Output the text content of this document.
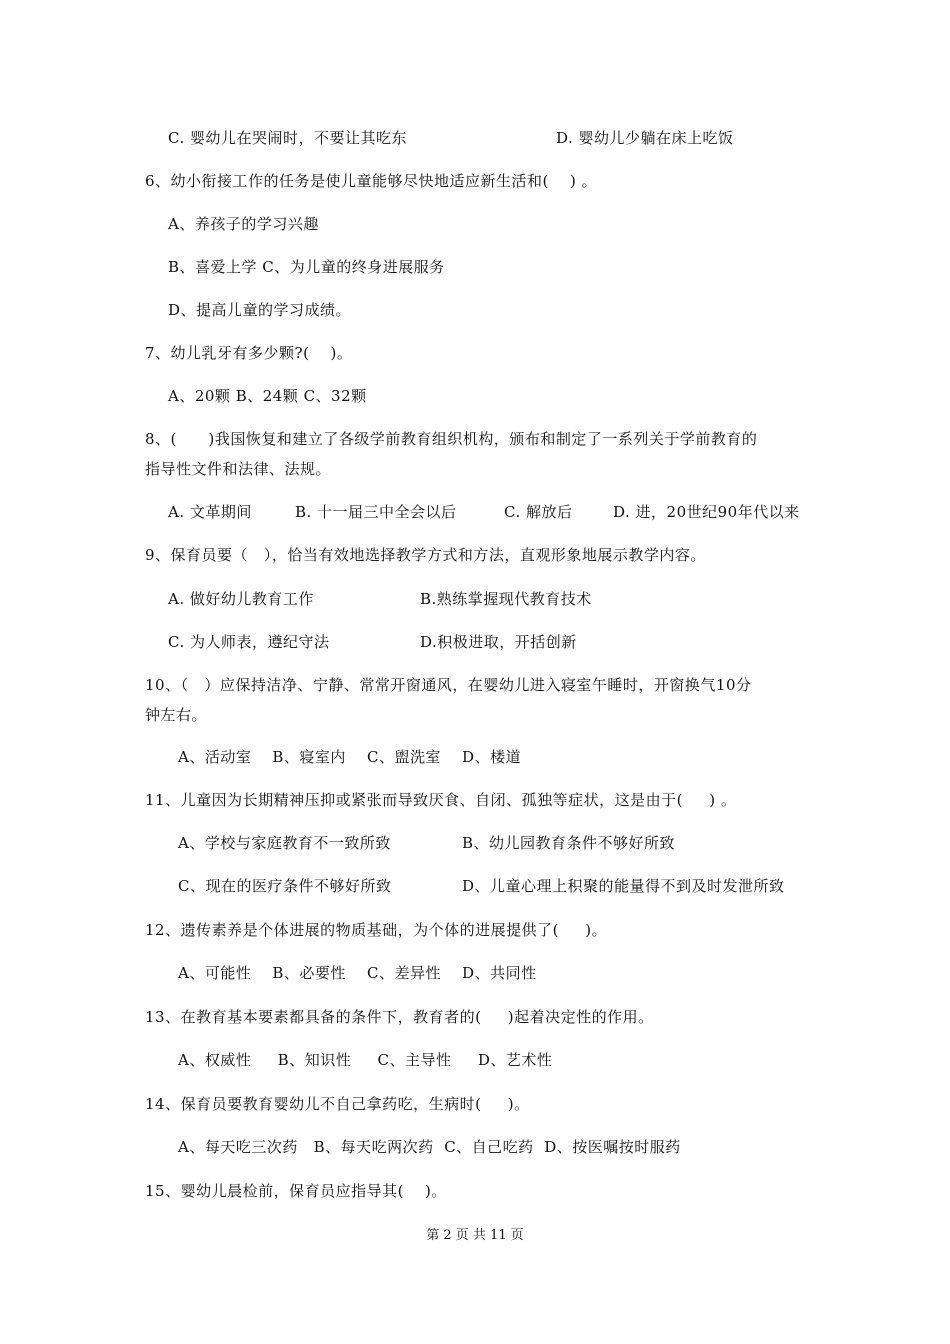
C. 婴幼儿在哭闹时，不要让其吃东	D. 婴幼儿少躺在床上吃饭
6、幼小衔接工作的任务是使儿童能够尽快地适应新生活和(    ) 。
A、养孩子的学习兴趣
B、喜爱上学 C、为儿童的终身进展服务
D、提高儿童的学习成绩。
7、幼儿乳牙有多少颗?(    )。
A、20颗 B、24颗 C、32颗
8、(      )我国恢复和建立了各级学前教育组织机构，颁布和制定了一系列关于学前教育的
指导性文件和法律、法规。
A. 文革期间	B. 十一届三中全会以后	C. 解放后	D. 进，20世纪90年代以来
9、保育员要（   ），恰当有效地选择教学方式和方法，直观形象地展示教学内容。
A. 做好幼儿教育工作	B.熟练掌握现代教育技术
C. 为人师表，遵纪守法	D.积极进取，开括创新
10、（   ）应保持洁净、宁静、常常开窗通风，在婴幼儿进入寝室午睡时，开窗换气10分
钟左右。
A、活动室    B、寝室内    C、盥洗室    D、楼道
11、儿童因为长期精神压抑或紧张而导致厌食、自闭、孤独等症状，这是由于(     ) 。
A、学校与家庭教育不一致所致	B、幼儿园教育条件不够好所致
C、现在的医疗条件不够好所致	D、儿童心理上积聚的能量得不到及时发泄所致
12、遗传素养是个体进展的物质基础，为个体的进展提供了(     )。
A、可能性    B、必要性    C、差异性    D、共同性
13、在教育基本要素都具备的条件下，教育者的(     )起着决定性的作用。
A、权威性     B、知识性     C、主导性     D、艺术性
14、保育员要教育婴幼儿不自己拿药吃，生病时(     )。
A、每天吃三次药   B、每天吃两次药  C、自己吃药  D、按医嘱按时服药
15、婴幼儿晨检前，保育员应指导其(    )。
第 2 页 共 11 页
